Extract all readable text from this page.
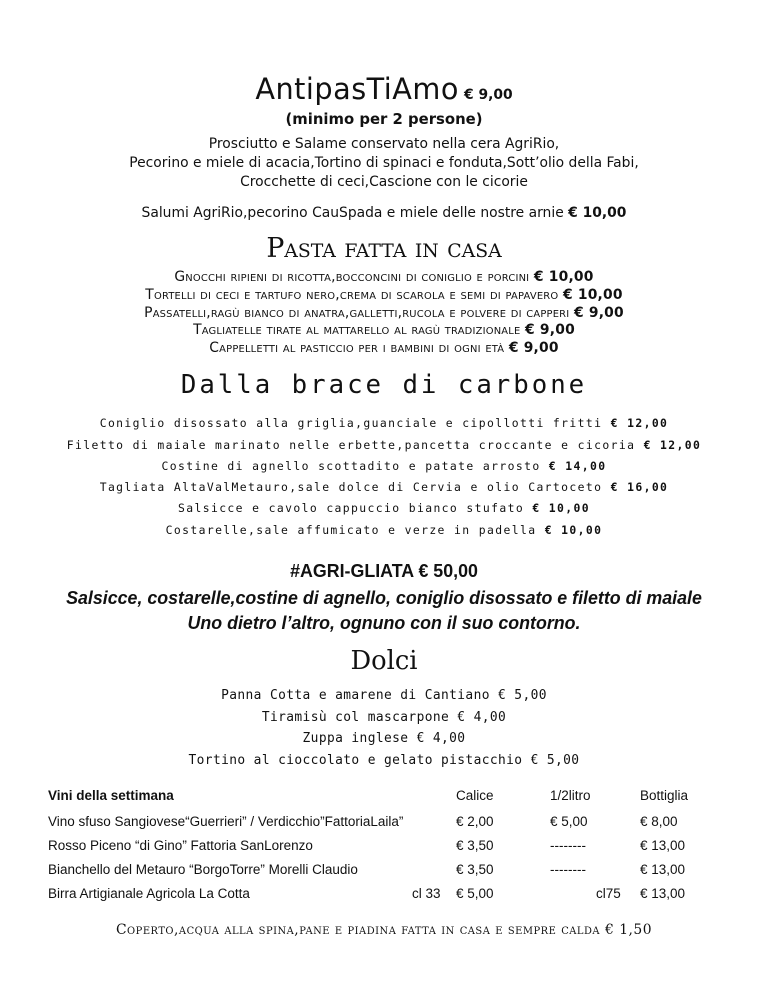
AntipasTiAmo € 9,00
(minimo per 2 persone)
Prosciutto e Salame conservato nella cera AgriRio,
Pecorino e miele di acacia,Tortino di spinaci e fonduta,Sott’olio della Fabi,
Crocchette di ceci,Cascione con le cicorie
Salumi AgriRio,pecorino CauSpada e miele delle nostre arnie € 10,00
Pasta fatta in casa
Gnocchi ripieni di ricotta,bocconcini di coniglio e porcini € 10,00
Tortelli di ceci e tartufo nero,crema di scarola e semi di papavero € 10,00
Passatelli,ragù bianco di anatra,galletti,rucola e polvere di capperi € 9,00
Tagliatelle tirate al mattarello al ragù tradizionale € 9,00
Cappelletti al pasticcio per i bambini di ogni età € 9,00
Dalla brace di carbone
Coniglio disossato alla griglia,guanciale e cipollotti fritti € 12,00
Filetto di maiale marinato nelle erbette,pancetta croccante e cicoria € 12,00
Costine di agnello scottadito e patate arrosto € 14,00
Tagliata AltaValMetauro,sale dolce di Cervia e olio Cartoceto € 16,00
Salsicce e cavolo cappuccio bianco stufato € 10,00
Costarelle,sale affumicato e verze in padella € 10,00
#AGRI-GLIATA € 50,00
Salsicce, costarelle,costine di agnello, coniglio disossato e filetto di maiale
Uno dietro l’altro, ognuno con il suo contorno.
Dolci
Panna Cotta e amarene di Cantiano € 5,00
Tiramisù col mascarpone € 4,00
Zuppa inglese € 4,00
Tortino al cioccolato e gelato pistacchio € 5,00
Vini della settimana	Calice	1/2litro	Bottiglia
Vino sfuso Sangiovese“Guerrieri” / Verdicchio”FattoriaLaila”	€ 2,00	€ 5,00	€ 8,00
Rosso Piceno “di Gino” Fattoria SanLorenzo	€ 3,50	--------	€ 13,00
Bianchello del Metauro “BorgoTorre” Morelli Claudio	€ 3,50	--------	€ 13,00
Birra Artigianale Agricola La Cotta	cl 33 € 5,00	cl75 € 13,00
Coperto,acqua alla spina,pane e piadina fatta in casa e sempre calda € 1,50
